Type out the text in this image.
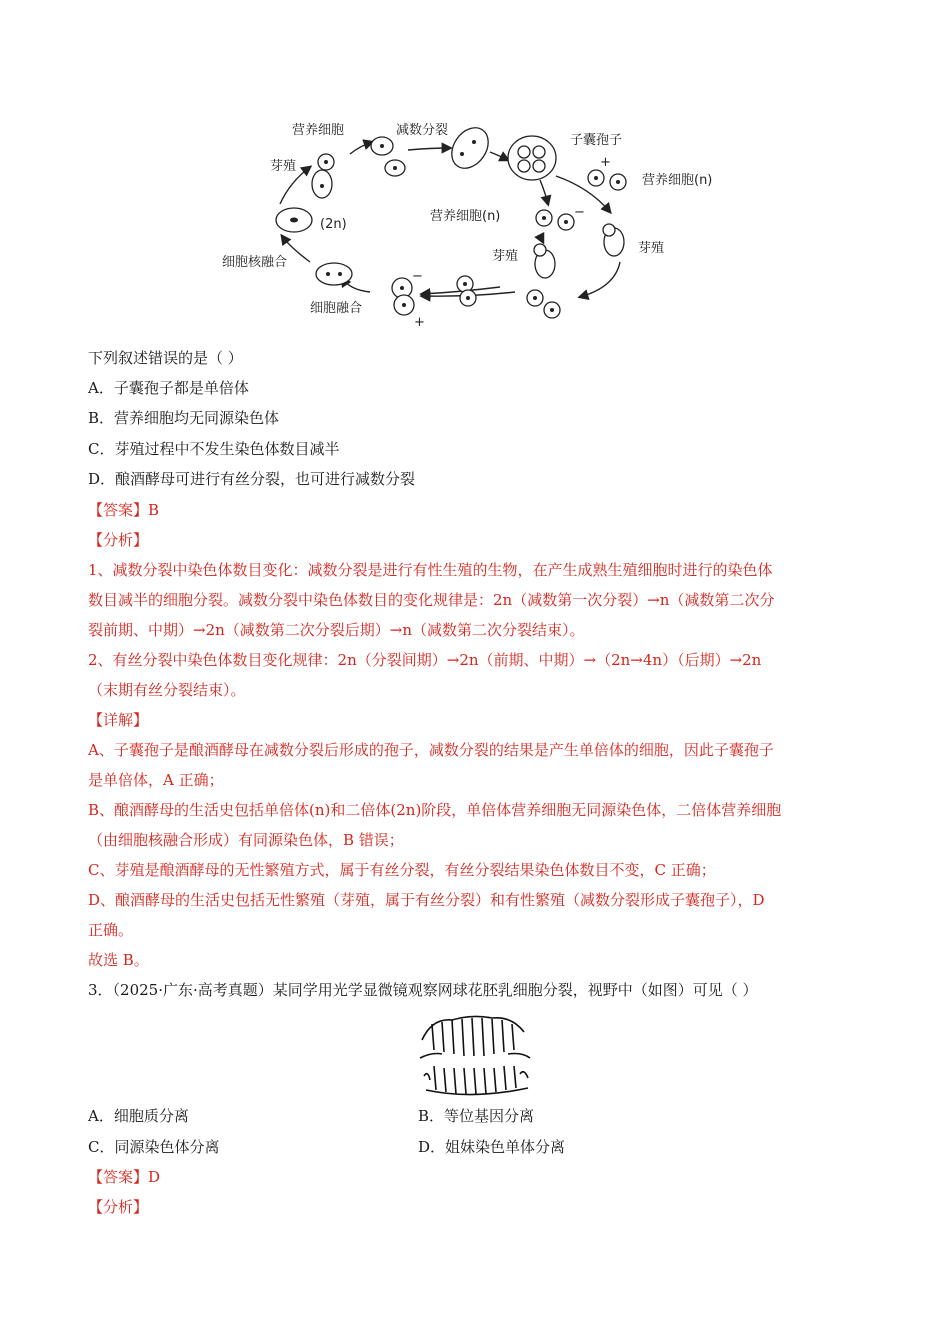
营养细胞	减数分裂
子囊孢子
芽殖
(2n)
营养细胞(n)
营养细胞(n)
芽殖
芽殖
细胞核融合
细胞融合
+
−
−
+
下列叙述错误的是（ ）
A．子囊孢子都是单倍体
B．营养细胞均无同源染色体
C．芽殖过程中不发生染色体数目减半
D．酿酒酵母可进行有丝分裂，也可进行减数分裂
【答案】B
【分析】
1、减数分裂中染色体数目变化：减数分裂是进行有性生殖的生物，在产生成熟生殖细胞时进行的染色体
数目减半的细胞分裂。减数分裂中染色体数目的变化规律是：2n（减数第一次分裂）→n（减数第二次分
裂前期、中期）→2n（减数第二次分裂后期）→n（减数第二次分裂结束）。
2、有丝分裂中染色体数目变化规律：2n（分裂间期）→2n（前期、中期）→（2n→4n）（后期）→2n
（末期有丝分裂结束）。
【详解】
A、子囊孢子是酿酒酵母在减数分裂后形成的孢子，减数分裂的结果是产生单倍体的细胞，因此子囊孢子
是单倍体，A 正确；
B、酿酒酵母的生活史包括单倍体(n)和二倍体(2n)阶段，单倍体营养细胞无同源染色体，二倍体营养细胞
（由细胞核融合形成）有同源染色体，B 错误；
C、芽殖是酿酒酵母的无性繁殖方式，属于有丝分裂，有丝分裂结果染色体数目不变，C 正确；
D、酿酒酵母的生活史包括无性繁殖（芽殖，属于有丝分裂）和有性繁殖（减数分裂形成子囊孢子），D
正确。
故选 B。
3．（2025·广东·高考真题）某同学用光学显微镜观察网球花胚乳细胞分裂，视野中（如图）可见（ ）
A．细胞质分离	B．等位基因分离
C．同源染色体分离	D．姐妹染色单体分离
【答案】D
【分析】
